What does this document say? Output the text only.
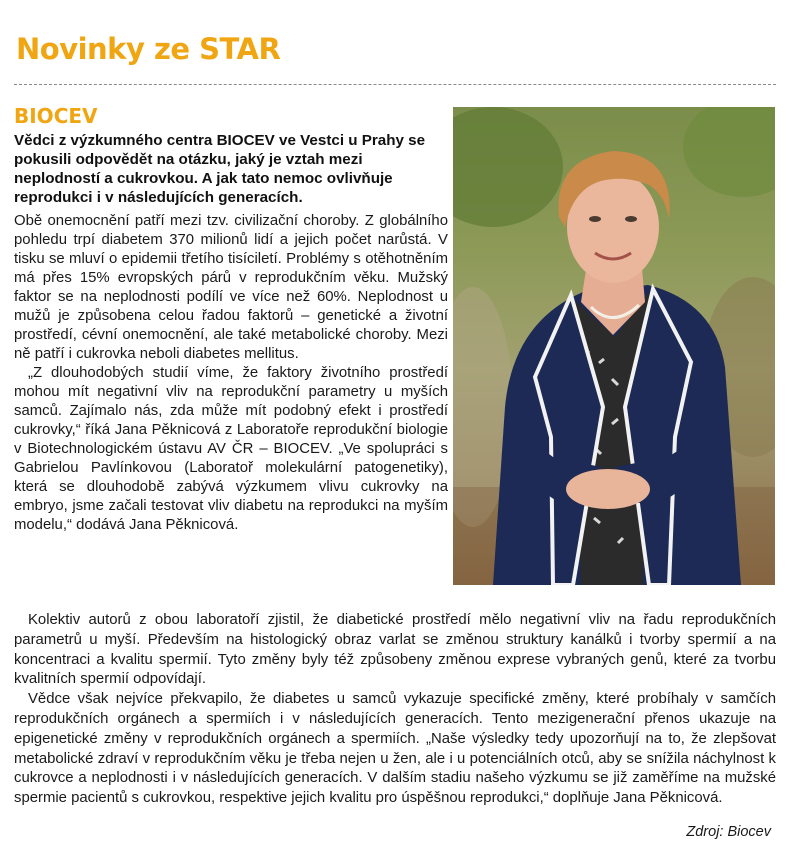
Novinky ze STAR
BIOCEV
Vědci z výzkumného centra BIOCEV ve Vestci u Prahy se pokusili odpovědět na otázku, jaký je vztah mezi neplodností a cukrovkou. A jak tato nemoc ovlivňuje reprodukci i v následujících generacích.

Obě onemocnění patří mezi tzv. civilizační choroby. Z globálního pohledu trpí diabetem 370 milionů lidí a jejich počet narůstá. V tisku se mluví o epidemii třetího tisíciletí. Problémy s otěhotněním má přes 15% evropských párů v reprodukčním věku. Mužský faktor se na neplodnosti podílí ve více než 60%. Neplodnost u mužů je způsobena celou řadou faktorů – genetické a životní prostředí, cévní onemocnění, ale také metabolické choroby. Mezi ně patří i cukrovka neboli diabetes mellitus.

„Z dlouhodobých studií víme, že faktory životního prostředí mohou mít negativní vliv na reprodukční parametry u myších samců. Zajímalo nás, zda může mít podobný efekt i prostředí cukrovky,“ říká Jana Pěknicová z Laboratoře reprodukční biologie v Biotechnologickém ústavu AV ČR – BIOCEV. „Ve spolupráci s Gabrielou Pavlínkovou (Laboratoř molekulární patogenetiky), která se dlouhodobě zabývá výzkumem vlivu cukrovky na embryo, jsme začali testovat vliv diabetu na reprodukci na myším modelu,“ dodává Jana Pěknicová.

Kolektiv autorů z obou laboratoří zjistil, že diabetické prostředí mělo negativní vliv na řadu reprodukčních parametrů u myší. Především na histologický obraz varlat se změnou struktury kanálků i tvorby spermií a na koncentraci a kvalitu spermií. Tyto změny byly též způsobeny změnou exprese vybraných genů, které za tvorbu kvalitních spermií odpovídají.

Vědce však nejvíce překvapilo, že diabetes u samců vykazuje specifické změny, které probíhaly v samčích reprodukčních orgánech a spermiích i v následujících generacích. Tento mezigenerační přenos ukazuje na epigenetické změny v reprodukčních orgánech a spermiích. „Naše výsledky tedy upozorňují na to, že zlepšovat metabolické zdraví v reprodukčním věku je třeba nejen u žen, ale i u potenciálních otců, aby se snížila náchylnost k cukrovce a neplodnosti i v následujících generacích. V dalším stadiu našeho výzkumu se již zaměříme na mužské spermie pacientů s cukrovkou, respektive jejich kvalitu pro úspěšnou reprodukci,“ doplňuje Jana Pěknicová.

Zdroj: Biocev
